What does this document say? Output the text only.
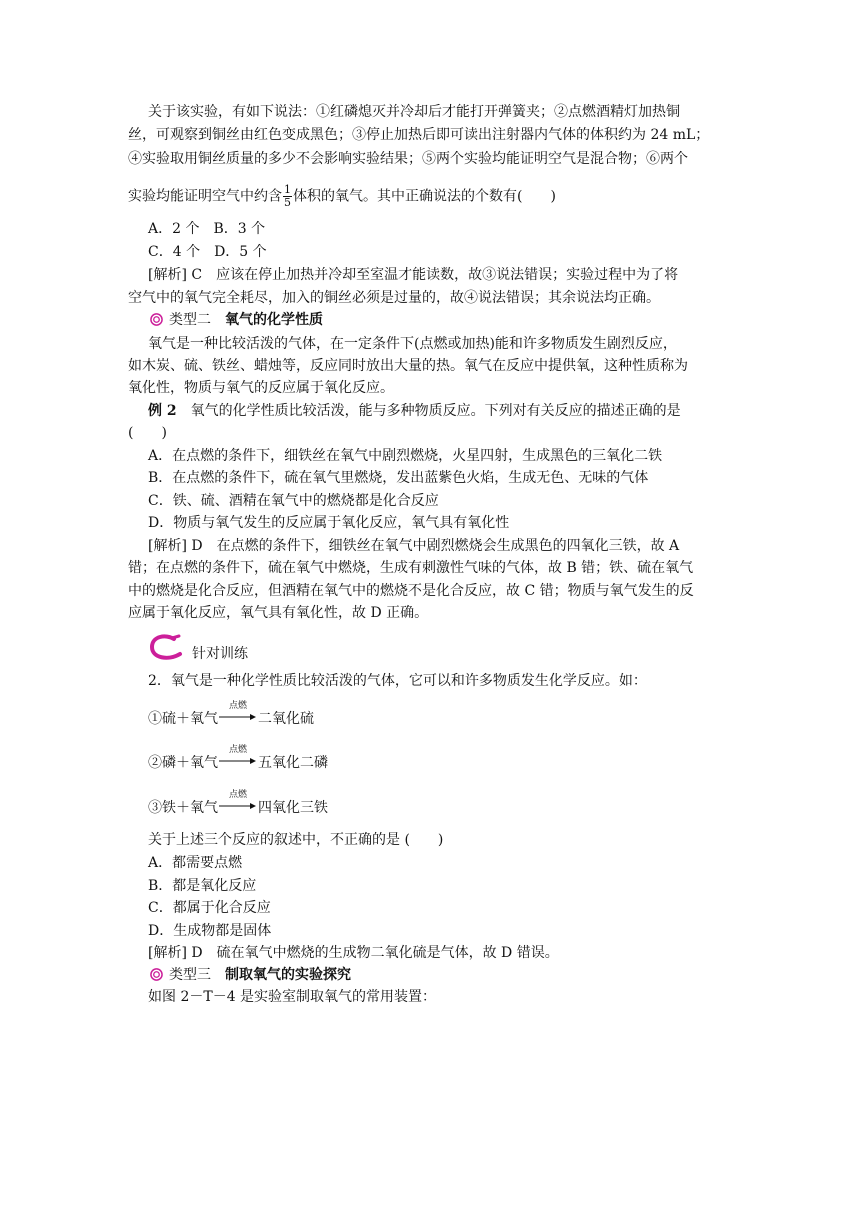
关于该实验，有如下说法：①红磷熄灭并冷却后才能打开弹簧夹；②点燃酒精灯加热铜
丝，可观察到铜丝由红色变成黑色；③停止加热后即可读出注射器内气体的体积约为 24 mL；
④实验取用铜丝质量的多少不会影响实验结果；⑤两个实验均能证明空气是混合物；⑥两个
实验均能证明空气中约含 $\frac{1}{5}$ 体积的氧气。其中正确说法的个数有(　　)
A．2 个　B．3 个
C．4 个　D．5 个
[解析] C　应该在停止加热并冷却至室温才能读数，故③说法错误；实验过程中为了将
空气中的氧气完全耗尽，加入的铜丝必须是过量的，故④说法错误；其余说法均正确。
类型二　 氧气的化学性质
氧气是一种比较活泼的气体，在一定条件下(点燃或加热)能和许多物质发生剧烈反应，
如木炭、硫、铁丝、蜡烛等，反应同时放出大量的热。氧气在反应中提供氧，这种性质称为
氧化性，物质与氧气的反应属于氧化反应。
例 2　氧气的化学性质比较活泼，能与多种物质反应。下列对有关反应的描述正确的是
(　　)
A．在点燃的条件下，细铁丝在氧气中剧烈燃烧，火星四射，生成黑色的三氧化二铁
B．在点燃的条件下，硫在氧气里燃烧，发出蓝紫色火焰，生成无色、无味的气体
C．铁、硫、酒精在氧气中的燃烧都是化合反应
D．物质与氧气发生的反应属于氧化反应，氧气具有氧化性
[解析] D　在点燃的条件下，细铁丝在氧气中剧烈燃烧会生成黑色的四氧化三铁，故 A
错；在点燃的条件下，硫在氧气中燃烧，生成有刺激性气味的气体，故 B 错；铁、硫在氧气
中的燃烧是化合反应，但酒精在氧气中的燃烧不是化合反应，故 C 错；物质与氧气发生的反
应属于氧化反应，氧气具有氧化性，故 D 正确。
针对训练
2．氧气是一种化学性质比较活泼的气体，它可以和许多物质发生化学反应。如：
①硫＋氧气
点燃
二氧化硫
②磷＋氧气
点燃
五氧化二磷
③铁＋氧气
点燃
四氧化三铁
关于上述三个反应的叙述中，不正确的是 (　　)
A．都需要点燃
B．都是氧化反应
C．都属于化合反应
D．生成物都是固体
[解析] D　硫在氧气中燃烧的生成物二氧化硫是气体，故 D 错误。
类型三　 制取氧气的实验探究
如图 2－T－4 是实验室制取氧气的常用装置：
